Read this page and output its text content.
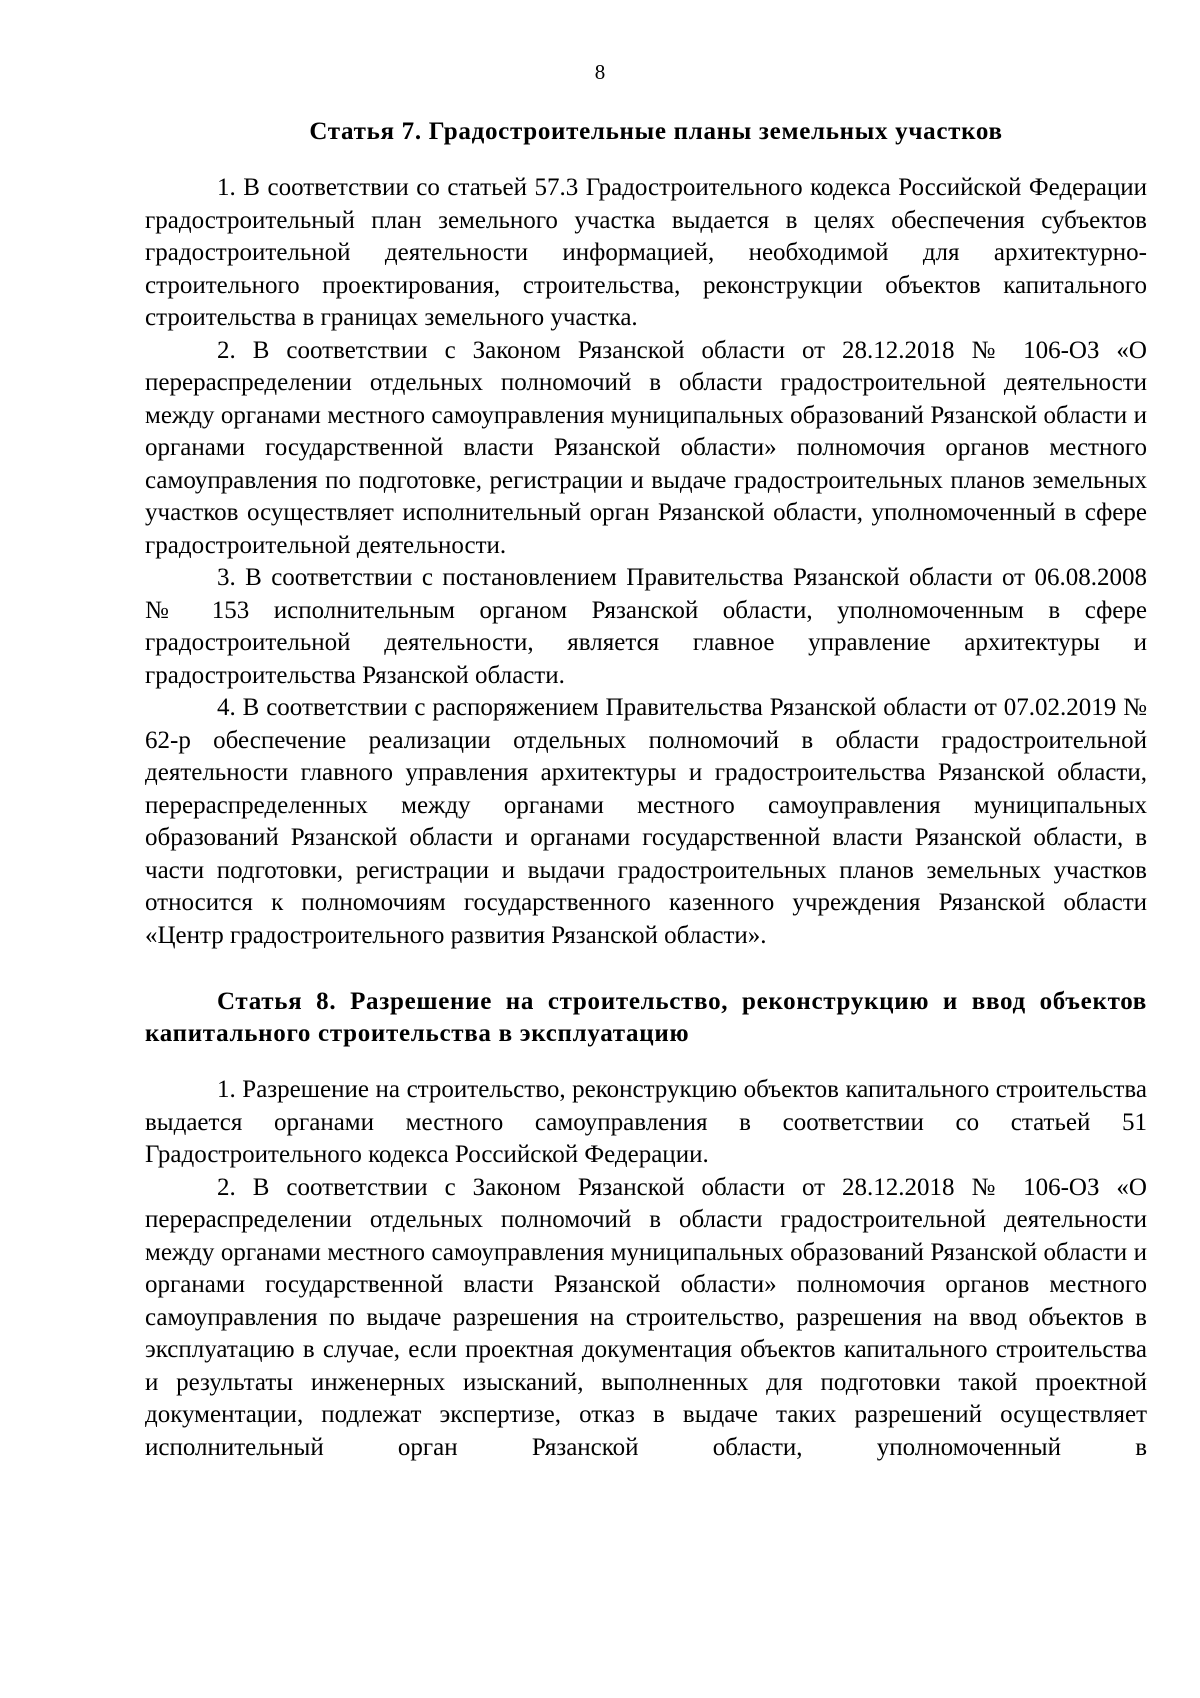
8
Статья 7. Градостроительные планы земельных участков

1. В соответствии со статьей 57.3 Градостроительного кодекса Российской Федерации градостроительный план земельного участка выдается в целях обеспечения субъектов градостроительной деятельности информацией, необходимой для архитектурно-строительного проектирования, строительства, реконструкции объектов капитального строительства в границах земельного участка.

2. В соответствии с Законом Рязанской области от 28.12.2018 № 106-ОЗ «О перераспределении отдельных полномочий в области градостроительной деятельности между органами местного самоуправления муниципальных образований Рязанской области и органами государственной власти Рязанской области» полномочия органов местного самоуправления по подготовке, регистрации и выдаче градостроительных планов земельных участков осуществляет исполнительный орган Рязанской области, уполномоченный в сфере градостроительной деятельности.

3. В соответствии с постановлением Правительства Рязанской области от 06.08.2008 № 153 исполнительным органом Рязанской области, уполномоченным в сфере градостроительной деятельности, является главное управление архитектуры и градостроительства Рязанской области.

4. В соответствии с распоряжением Правительства Рязанской области от 07.02.2019 № 62-р обеспечение реализации отдельных полномочий в области градостроительной деятельности главного управления архитектуры и градостроительства Рязанской области, перераспределенных между органами местного самоуправления муниципальных образований Рязанской области и органами государственной власти Рязанской области, в части подготовки, регистрации и выдачи градостроительных планов земельных участков относится к полномочиям государственного казенного учреждения Рязанской области «Центр градостроительного развития Рязанской области».

Статья 8. Разрешение на строительство, реконструкцию и ввод объектов капитального строительства в эксплуатацию

1. Разрешение на строительство, реконструкцию объектов капитального строительства выдается органами местного самоуправления в соответствии со статьей 51 Градостроительного кодекса Российской Федерации.

2. В соответствии с Законом Рязанской области от 28.12.2018 № 106-ОЗ «О перераспределении отдельных полномочий в области градостроительной деятельности между органами местного самоуправления муниципальных образований Рязанской области и органами государственной власти Рязанской области» полномочия органов местного самоуправления по выдаче разрешения на строительство, разрешения на ввод объектов в эксплуатацию в случае, если проектная документация объектов капитального строительства и результаты инженерных изысканий, выполненных для подготовки такой проектной документации, подлежат экспертизе, отказ в выдаче таких разрешений осуществляет исполнительный орган Рязанской области, уполномоченный в
